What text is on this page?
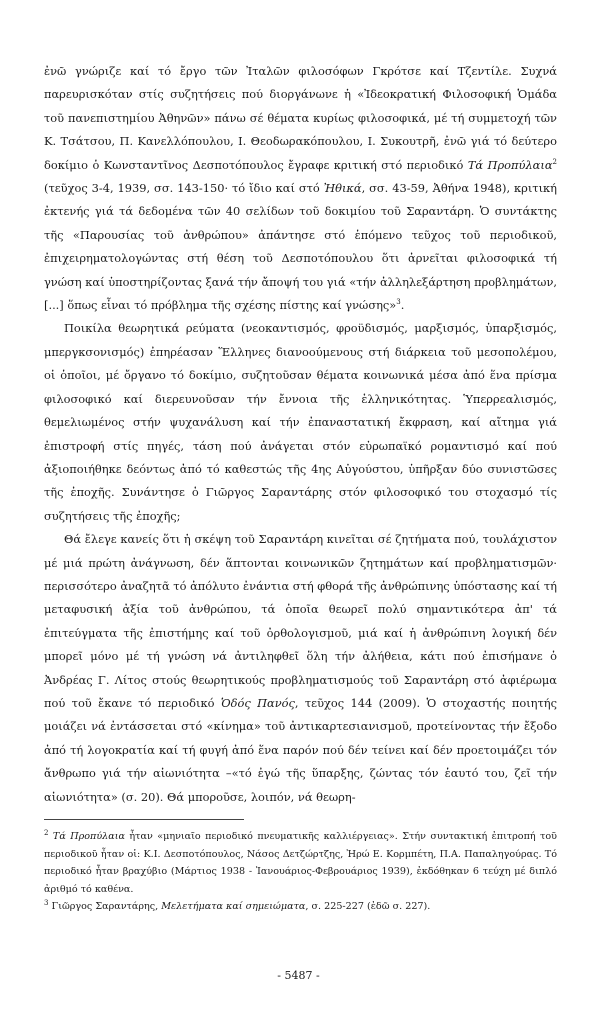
ἐνῶ γνώριζε καί τό ἔργο τῶν Ἰταλῶν φιλοσόφων Γκρότσε καί Τζεντίλε. Συχνά παρευρισκόταν στίς συζητήσεις πού διοργάνωνε ἡ «Ἰδεοκρατική Φιλοσοφική Ὁμάδα τοῦ πανεπιστημίου Ἀθηνῶν» πάνω σέ θέματα κυρίως φιλοσοφικά, μέ τή συμμετοχή τῶν Κ. Τσάτσου, Π. Κανελλόπουλου, Ι. Θεοδωρακόπουλου, Ι. Συκουτρῆ, ἐνῶ γιά τό δεύτερο δοκίμιο ὁ Κωνσταντῖνος Δεσποτόπουλος ἔγραφε κριτική στό περιοδικό Τά Προπύλαια$^2$ (τεῦχος 3-4, 1939, σσ. 143-150· τό ἴδιο καί στό Ἠθικά, σσ. 43-59, Ἀθήνα 1948), κριτική ἐκτενής γιά τά δεδομένα τῶν 40 σελίδων τοῦ δοκιμίου τοῦ Σαραντάρη. Ὁ συντάκτης τῆς «Παρουσίας τοῦ ἀνθρώπου» ἀπάντησε στό ἑπόμενο τεῦχος τοῦ περιοδικοῦ, ἐπιχειρηματολογώντας στή θέση τοῦ Δεσποτόπουλου ὅτι ἀρνεῖται φιλοσοφικά τή γνώση καί ὑποστηρίζοντας ξανά τήν ἄποψή του γιά «τήν ἀλληλεξάρτηση προβλημάτων, [...] ὅπως εἶναι τό πρόβλημα τῆς σχέσης πίστης καί γνώσης»$^3$.

Ποικίλα θεωρητικά ρεύματα (νεοκαντισμός, φροϋδισμός, μαρξισμός, ὑπαρξισμός, μπεργκσονισμός) ἐπηρέασαν Ἕλληνες διανοούμενους στή διάρκεια τοῦ μεσοπολέμου, οἱ ὁποῖοι, μέ ὄργανο τό δοκίμιο, συζητοῦσαν θέματα κοινωνικά μέσα ἀπό ἕνα πρίσμα φιλοσοφικό καί διερευνοῦσαν τήν ἔννοια τῆς ἑλληνικότητας. Ὑπερρεαλισμός, θεμελιωμένος στήν ψυχανάλυση καί τήν ἐπαναστατική ἔκφραση, καί αἴτημα γιά ἐπιστροφή στίς πηγές, τάση πού ἀνάγεται στόν εὐρωπαϊκό ρομαντισμό καί πού ἀξιοποιήθηκε δεόντως ἀπό τό καθεστώς τῆς 4ης Αὐγούστου, ὑπῆρξαν δύο συνιστῶσες τῆς ἐποχῆς. Συνάντησε ὁ Γιῶργος Σαραντάρης στόν φιλοσοφικό του στοχασμό τίς συζητήσεις τῆς ἐποχῆς;

Θά ἔλεγε κανείς ὅτι ἡ σκέψη τοῦ Σαραντάρη κινεῖται σέ ζητήματα πού, τουλάχιστον μέ μιά πρώτη ἀνάγνωση, δέν ἅπτονται κοινωνικῶν ζητημάτων καί προβληματισμῶν· περισσότερο ἀναζητᾶ τό ἀπόλυτο ἐνάντια στή φθορά τῆς ἀνθρώπινης ὑπόστασης καί τή μεταφυσική ἀξία τοῦ ἀνθρώπου, τά ὁποῖα θεωρεῖ πολύ σημαντικότερα ἀπ' τά ἐπιτεύγματα τῆς ἐπιστήμης καί τοῦ ὀρθολογισμοῦ, μιά καί ἡ ἀνθρώπινη λογική δέν μπορεῖ μόνο μέ τή γνώση νά ἀντιληφθεῖ ὅλη τήν ἀλήθεια, κάτι πού ἐπισήμανε ὁ Ἀνδρέας Γ. Λίτος στούς θεωρητικούς προβληματισμούς τοῦ Σαραντάρη στό ἀφιέρωμα πού τοῦ ἔκανε τό περιοδικό Ὁδός Πανός, τεῦχος 144 (2009). Ὁ στοχαστής ποιητής μοιάζει νά ἐντάσσεται στό «κίνημα» τοῦ ἀντικαρτεσιανισμοῦ, προτείνοντας τήν ἔξοδο ἀπό τή λογοκρατία καί τή φυγή ἀπό ἕνα παρόν πού δέν τείνει καί δέν προετοιμάζει τόν ἄνθρωπο γιά τήν αἰωνιότητα –«τό ἐγώ τῆς ὕπαρξης, ζώντας τόν ἑαυτό του, ζεῖ τήν αἰωνιότητα» (σ. 20). Θά μποροῦσε, λοιπόν, νά θεωρη-

$^2$ Τά Προπύλαια ἦταν «μηνιαῖο περιοδικό πνευματικῆς καλλιέργειας». Στήν συντακτική ἐπιτροπή τοῦ περιοδικοῦ ἦταν οἱ: Κ.Ι. Δεσποτόπουλος, Νάσος Δετζώρτζης, Ἠρώ Ε. Κορμπέτη, Π.Α. Παπαληγούρας. Τό περιοδικό ἦταν βραχύβιο (Μάρτιος 1938 - Ἰανουάριος-Φεβρουάριος 1939), ἐκδόθηκαν 6 τεύχη μέ διπλό ἀριθμό τό καθένα.

$^3$ Γιῶργος Σαραντάρης, Μελετήματα καί σημειώματα, σ. 225-227 (ἐδῶ σ. 227).

- 5487 -
